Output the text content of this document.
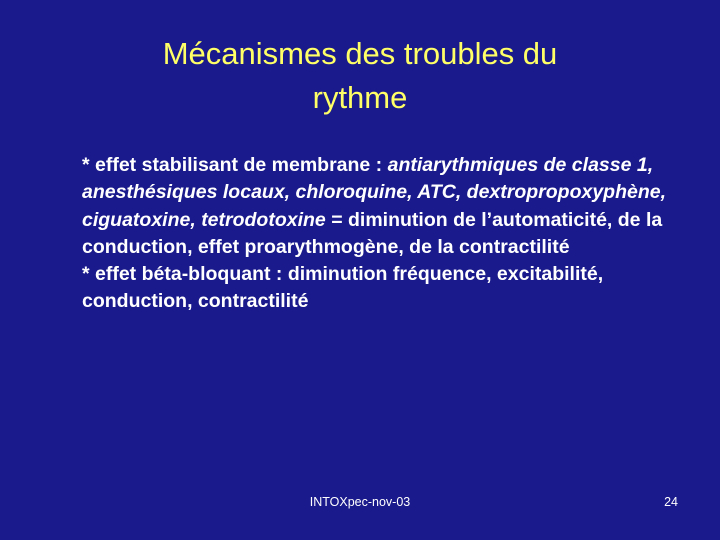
Mécanismes des troubles du
rythme

* effet stabilisant de membrane : antiarythmiques de classe 1, anesthésiques locaux, chloroquine, ATC, dextropropoxyphène, ciguatoxine, tetrodotoxine = diminution de l’automaticité, de la conduction, effet proarythmogène, de la contractilité

* effet béta-bloquant : diminution fréquence, excitabilité, conduction, contractilité

INTOXpec-nov-03	24
